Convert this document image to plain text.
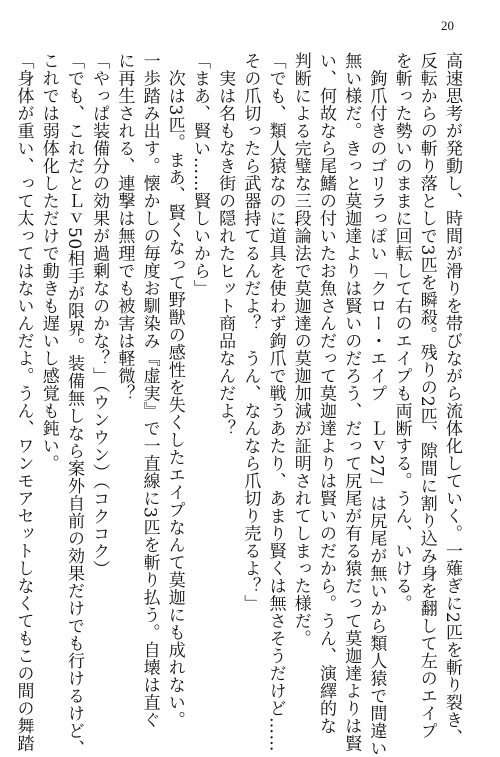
20
高速思考が発動し、時間が滑りを帯びながら流体化していく。一薙ぎに2匹を斬り裂き、
反転からの斬り落としで3匹を瞬殺。残りの2匹、隙間に割り込み身を翻して左のエイプ
を斬った勢いのままに回転して右のエイプも両断する。うん、いける。
　鉤爪付きのゴリラっぽい「クロー・エイプ　Ｌｖ27」は尻尾が無いから類人猿で間違い
無い様だ。きっと莫迦達よりは賢いのだろう、だって尻尾が有る猿だって莫迦達よりは賢
い、何故なら尾鰭の付いたお魚さんだって莫迦達よりは賢いのだから。うん、演繹的な
判断による完璧な三段論法で莫迦達の莫迦加減が証明されてしまった様だ。
「でも、類人猿なのに道具を使わず鉤爪で戦うあたり、あまり賢くは無さそうだけど……
その爪切ったら武器持てるんだよ？　うん、なんなら爪切り売るよ？」
　実は名もなき街の隠れたヒット商品なんだよ？
「まあ、賢い……賢しいから」
　次は3匹。まあ、賢くなって野獣の感性を失くしたエイプなんて莫迦にも成れない。
一歩踏み出す。懐かしの毎度お馴染み『虚実』で一直線に3匹を斬り払う。自壊は直ぐ
に再生される、連撃は無理でも被害は軽微？
「やっぱ装備分の効果が過剰なのかな？」（ウンウン）（コクコク）
「でも、これだとＬｖ50相手が限界。装備無しなら案外自前の効果だけでも行けるけど、
これでは弱体化しただけで動きも遅いし感覚も鈍い。
「身体が重い、って太ってはないんだよ。うん、ワンモアセットしなくてもこの間の舞踏
